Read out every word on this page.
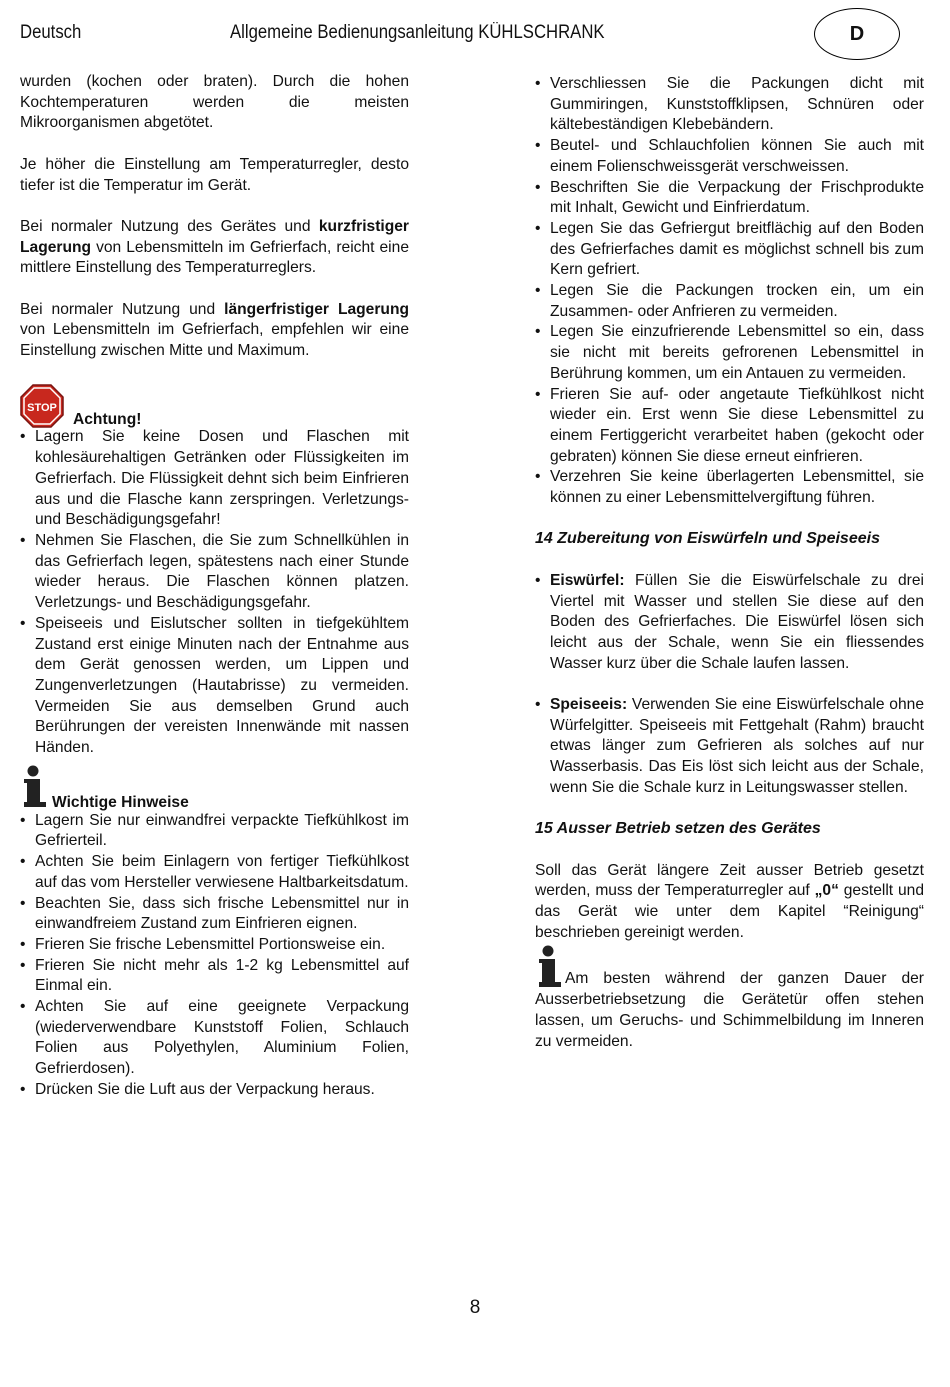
Deutsch	Allgemeine Bedienungsanleitung KÜHLSCHRANK	D

wurden (kochen oder braten). Durch die hohen Kochtemperaturen werden die meisten Mikroorganismen abgetötet.

Je höher die Einstellung am Temperaturregler, desto tiefer ist die Temperatur im Gerät.

Bei normaler Nutzung des Gerätes und kurzfristiger Lagerung von Lebensmitteln im Gefrierfach, reicht eine mittlere Einstellung des Temperaturreglers.

Bei normaler Nutzung und längerfristiger Lagerung von Lebensmitteln im Gefrierfach, empfehlen wir eine Einstellung zwischen Mitte und Maximum.

STOP
Achtung!
• Lagern Sie keine Dosen und Flaschen mit kohlesäurehaltigen Getränken oder Flüssigkeiten im Gefrierfach. Die Flüssigkeit dehnt sich beim Einfrieren aus und die Flasche kann zerspringen. Verletzungs- und Beschädigungsgefahr!
• Nehmen Sie Flaschen, die Sie zum Schnellkühlen in das Gefrierfach legen, spätestens nach einer Stunde wieder heraus. Die Flaschen können platzen. Verletzungs- und Beschädigungsgefahr.
• Speiseeis und Eislutscher sollten in tiefgekühltem Zustand erst einige Minuten nach der Entnahme aus dem Gerät genossen werden, um Lippen und Zungenverletzungen (Hautabrisse) zu vermeiden. Vermeiden Sie aus demselben Grund auch Berührungen der vereisten Innenwände mit nassen Händen.
Wichtige Hinweise
• Lagern Sie nur einwandfrei verpackte Tiefkühlkost im Gefrierteil.
• Achten Sie beim Einlagern von fertiger Tiefkühlkost auf das vom Hersteller verwiesene Haltbarkeitsdatum.
• Beachten Sie, dass sich frische Lebensmittel nur in einwandfreiem Zustand zum Einfrieren eignen.
• Frieren Sie frische Lebensmittel Portionsweise ein.
• Frieren Sie nicht mehr als 1-2 kg Lebensmittel auf Einmal ein.
• Achten Sie auf eine geeignete Verpackung (wiederverwendbare Kunststoff Folien, Schlauch Folien aus Polyethylen, Aluminium Folien, Gefrierdosen).
• Drücken Sie die Luft aus der Verpackung heraus.
• Verschliessen Sie die Packungen dicht mit Gummiringen, Kunststoffklipsen, Schnüren oder kältebeständigen Klebebändern.
• Beutel- und Schlauchfolien können Sie auch mit einem Folienschweissgerät verschweissen.
• Beschriften Sie die Verpackung der Frischprodukte mit Inhalt, Gewicht und Einfrierdatum.
• Legen Sie das Gefriergut breitflächig auf den Boden des Gefrierfaches damit es möglichst schnell bis zum Kern gefriert.
• Legen Sie die Packungen trocken ein, um ein Zusammen- oder Anfrieren zu vermeiden.
• Legen Sie einzufrierende Lebensmittel so ein, dass sie nicht mit bereits gefrorenen Lebensmittel in Berührung kommen, um ein Antauen zu vermeiden.
• Frieren Sie auf- oder angetaute Tiefkühlkost nicht wieder ein. Erst wenn Sie diese Lebensmittel zu einem Fertiggericht verarbeitet haben (gekocht oder gebraten) können Sie diese erneut einfrieren.
• Verzehren Sie keine überlagerten Lebensmittel, sie können zu einer Lebensmittelvergiftung führen.

14 Zubereitung von Eiswürfeln und Speiseeis

• Eiswürfel: Füllen Sie die Eiswürfelschale zu drei Viertel mit Wasser und stellen Sie diese auf den Boden des Gefrierfaches. Die Eiswürfel lösen sich leicht aus der Schale, wenn Sie ein fliessendes Wasser kurz über die Schale laufen lassen.
• Speiseeis: Verwenden Sie eine Eiswürfelschale ohne Würfelgitter. Speiseeis mit Fettgehalt (Rahm) braucht etwas länger zum Gefrieren als solches auf nur Wasserbasis. Das Eis löst sich leicht aus der Schale, wenn Sie die Schale kurz in Leitungswasser stellen.

15 Ausser Betrieb setzen des Gerätes

Soll das Gerät längere Zeit ausser Betrieb gesetzt werden, muss der Temperaturregler auf „0“ gestellt und das Gerät wie unter dem Kapitel “Reinigung“ beschrieben gereinigt werden.

Am besten während der ganzen Dauer der Ausserbetriebsetzung die Gerätetür offen stehen lassen, um Geruchs- und Schimmelbildung im Inneren zu vermeiden.

8
